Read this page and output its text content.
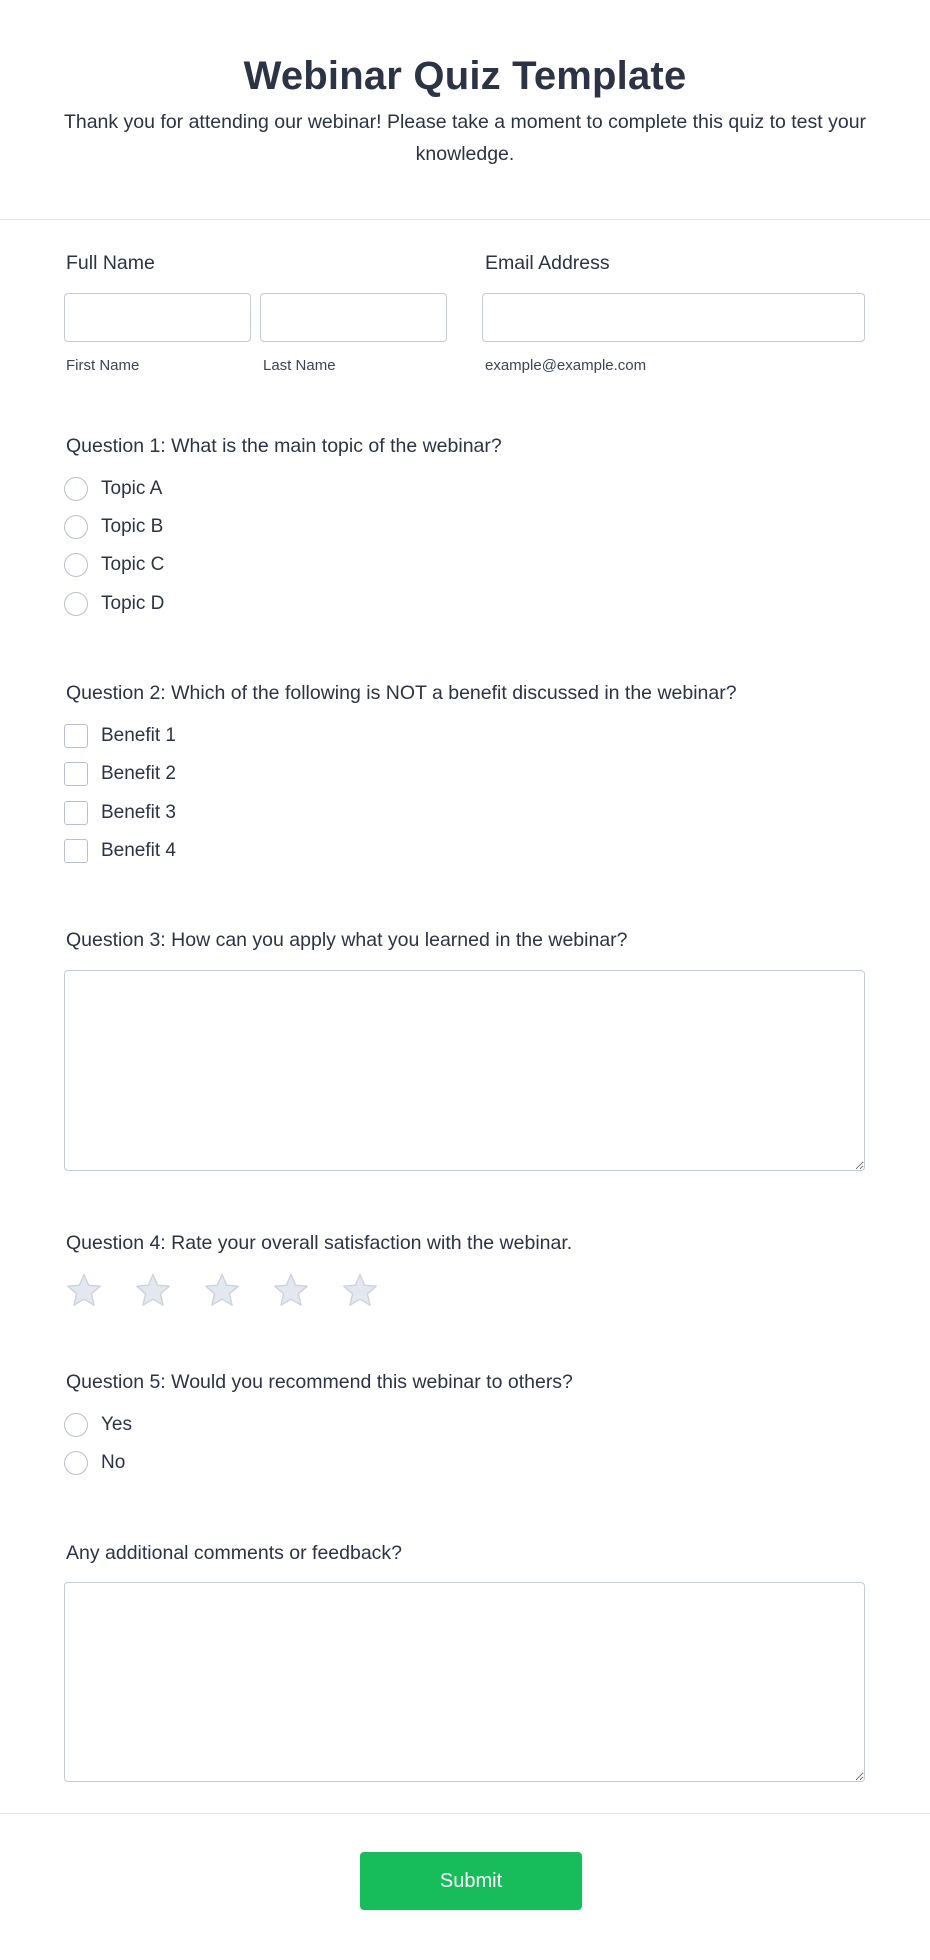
Webinar Quiz Template

Thank you for attending our webinar! Please take a moment to complete this quiz to test your knowledge.

Full Name
First Name	Last Name
Email Address
example@example.com
Question 1: What is the main topic of the webinar?
Topic A
Topic B
Topic C
Topic D
Question 2: Which of the following is NOT a benefit discussed in the webinar?
Benefit 1
Benefit 2
Benefit 3
Benefit 4
Question 3: How can you apply what you learned in the webinar?
Question 4: Rate your overall satisfaction with the webinar.
Question 5: Would you recommend this webinar to others?
Yes
No
Any additional comments or feedback?
Submit
